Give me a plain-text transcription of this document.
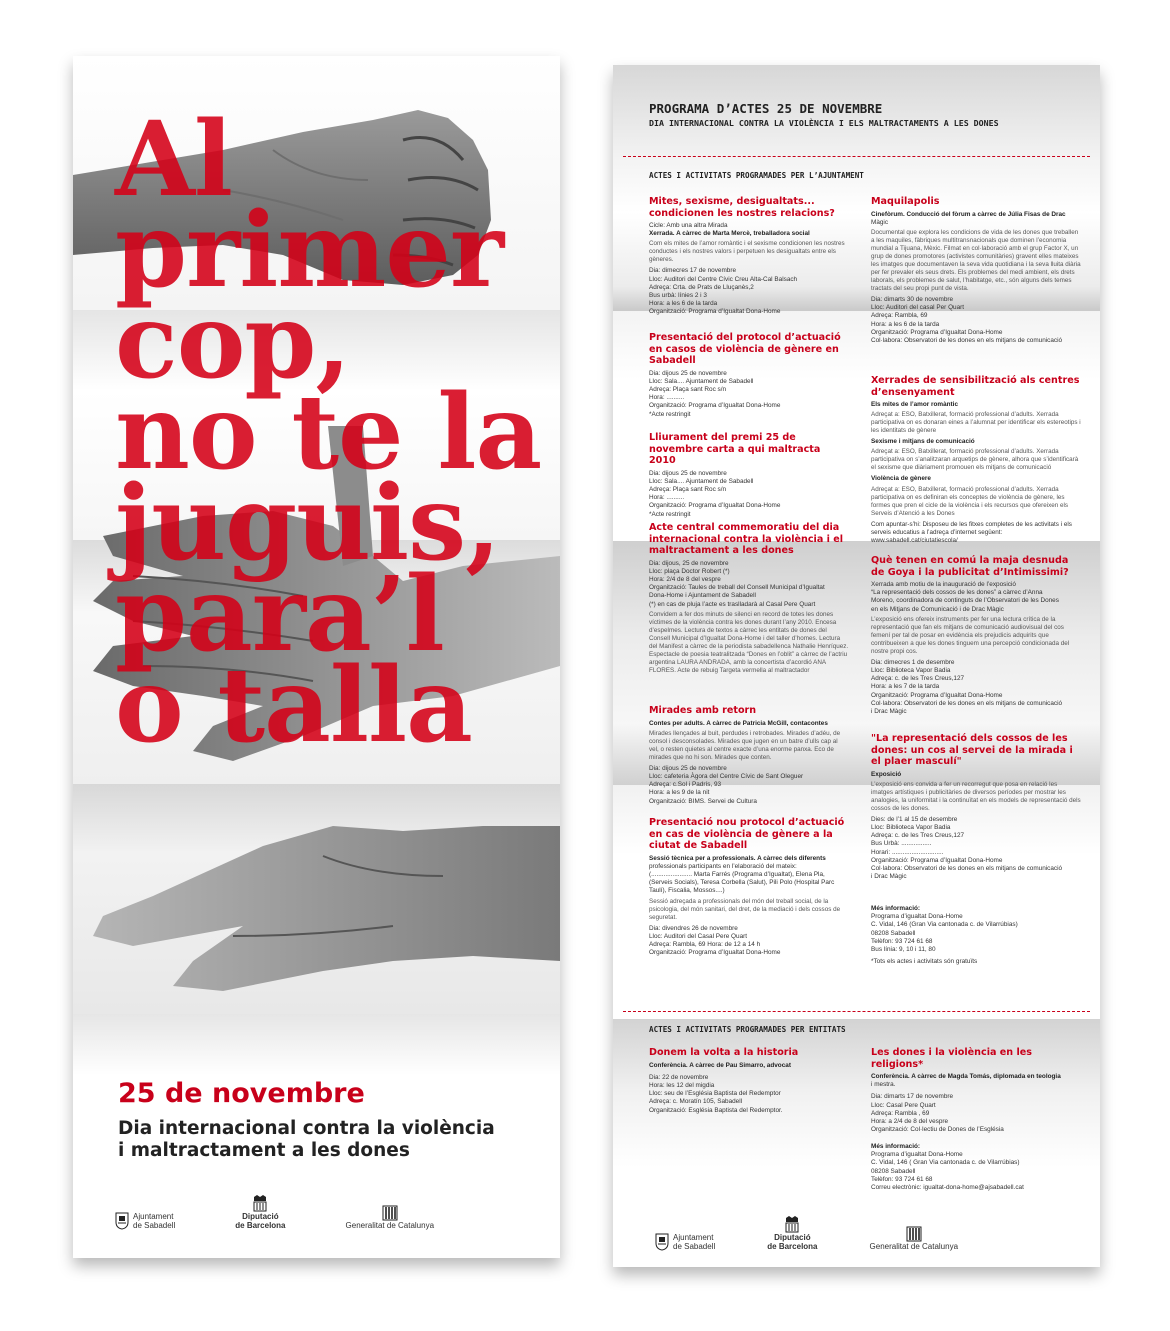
Al
primer
cop,
no te la
juguis,
para’l
o talla
25 de novembre
Dia internacional contra la violència
i maltractament a les dones
Ajuntament
de Sabadell
Diputació
de Barcelona	Generalitat de Catalunya
PROGRAMA D’ACTES 25 DE NOVEMBRE
DIA INTERNACIONAL CONTRA LA VIOLÈNCIA I ELS MALTRACTAMENTS A LES DONES
ACTES I ACTIVITATS PROGRAMADES PER L’AJUNTAMENT
Mites, sexisme, desigualtats... condicionen les nostres relacions?
Cicle: Amb una altra Mirada
Xerrada. A càrrec de Marta Mercè, treballadora social
Com els mites de l’amor romàntic i el sexisme condicionen les nostres conductes i els nostres valors i perpetuen les desigualtats entre els gèneres.
Dia: dimecres 17 de novembre
Lloc: Auditori del Centre Cívic Creu Alta-Cal Balsach
Adreça: Crta. de Prats de Lluçanès,2
Bus urbà: línies 2 i 3
Hora: a les 6 de la tarda
Organització: Programa d’Igualtat Dona-Home
Presentació del protocol d’actuació en casos de violència de gènere en Sabadell
Dia: dijous 25 de novembre
Lloc: Sala.... Ajuntament de Sabadell
Adreça: Plaça sant Roc s/n
Hora: ..........
Organització: Programa d’Igualtat Dona-Home
*Acte restringit
Lliurament del premi 25 de novembre carta a qui maltracta 2010
Dia: dijous 25 de novembre
Lloc: Sala.... Ajuntament de Sabadell
Adreça: Plaça sant Roc s/n
Hora: ..........
Organització: Programa d’Igualtat Dona-Home
*Acte restringit
Acte central commemoratiu del dia internacional contra la violència i el maltractament a les dones
Dia: dijous, 25 de novembre
Lloc: plaça Doctor Robert (*)
Hora: 2/4 de 8 del vespre
Organització: Taules de treball del Consell Municipal d’Igualtat
Dona-Home i Ajuntament de Sabadell
(*) en cas de pluja l’acte es traslladarà al Casal Pere Quart
Convidem a fer dos minuts de silenci en record de totes les dones víctimes de la violència contra les dones durant l’any 2010. Encesa d’espelmes. Lectura de textos a càrrec les entitats de dones del Consell Municipal d’Igualtat Dona-Home i del taller d’homes. Lectura del Manifest a càrrec de la periodista sabadellenca Nathalie Henríquez. Espectacle de poesia teatralitzada “Dones en l’oblit” a càrrec de l’actriu argentina LAURA ANDRADA, amb la concertista d’acordió ANA FLORES. Acte de rebuig Targeta vermella al maltractador
Mirades amb retorn
Contes per adults. A càrrec de Patricia McGill, contacontes
Mirades llençades al buit, perdudes i retrobades. Mirades d’adéu, de consol i desconsolades. Mirades que jugen en un batre d’ulls cap al vel, o resten quietes al centre exacte d’una enorme panxa. Eco de mirades que no hi son. Mirades que conten.
Dia: dijous 25 de novembre
Lloc: cafeteria Àgora del Centre Cívic de Sant Oleguer
Adreça: c.Sol i Padrís, 93
Hora: a les 9 de la nit
Organització: BIMS. Servei de Cultura
Presentació nou protocol d’actuació en cas de violència de gènere a la ciutat de Sabadell
Sessió tècnica per a professionals. A càrrec dels diferents
professionals participants en l’elaboració del mateix:
(....................... Marta Farrés (Programa d’Igualtat), Elena Pla,
(Serveis Socials), Teresa Corbella (Salut), Pili Polo (Hospital Parc
Taulí), Fiscalia, Mossos....)
Sessió adreçada a professionals del món del treball social, de la psicologia, del món sanitari, del dret, de la mediació i dels cossos de seguretat.
Dia: divendres 26 de novembre
Lloc: Auditori del Casal Pere Quart
Adreça: Rambla, 69 Hora: de 12 a 14 h
Organització: Programa d’Igualtat Dona-Home
Maquilapolis
Cinefòrum. Conducció del fòrum a càrrec de Júlia Fisas de Drac
Màgic
Documental que explora les condicions de vida de les dones que treballen a les maquiles, fàbriques multitransnacionals que dominen l’economia mundial a Tijuana, Mèxic. Filmat en col·laboració amb el grup Factor X, un grup de dones promotores (activistes comunitàries) gravent elles mateixes les imatges que documentaven la seva vida quotidiana i la seva lluita diària per fer prevaler els seus drets. Els problemes del medi ambient, els drets laborals, els problemes de salut, l’habitatge, etc., són alguns dels temes tractats del seu propi punt de vista.
Dia: dimarts 30 de novembre
Lloc: Auditori del casal Per Quart
Adreça: Rambla, 69
Hora: a les 6 de la tarda
Organització: Programa d’Igualtat Dona-Home
Col·labora: Observatori de les dones en els mitjans de comunicació
Xerrades de sensibilització als centres d’ensenyament
Els mites de l’amor romàntic
Adreçat a: ESO, Batxillerat, formació professional d’adults. Xerrada participativa on es donaran eines a l’alumnat per identificar els estereotips i les identitats de gènere
Sexisme i mitjans de comunicació
Adreçat a: ESO, Batxillerat, formació professional d’adults. Xerrada participativa on s’analitzaran arquetips de gènere, alhora que s’identificarà el sexisme que diàriament promouen els mitjans de comunicació
Violència de gènere
Adreçat a: ESO, Batxillerat, formació professional d’adults. Xerrada participativa on es definiran els conceptes de violència de gènere, les formes que pren el cicle de la violència i els recursos que ofereixen els Serveis d’Atenció a les Dones
Com apuntar-s’hi: Disposeu de les fitxes completes de les activitats i els serveis educatius a l’adreça d’internet següent: www.sabadell.cat/ciutatiescola/
Què tenen en comú la maja desnuda de Goya i la publicitat d’Intimissimi?
Xerrada amb motiu de la inauguració de l’exposició
“La representació dels cossos de les dones” a càrrec d’Anna
Moreno, coordinadora de continguts de l’Observatori de les Dones
en els Mitjans de Comunicació i de Drac Màgic
L’exposició ens ofereix instruments per fer una lectura crítica de la representació que fan els mitjans de comunicació audiovisual del cos femení per tal de posar en evidència els prejudicis adquirits que contribueixen a que les dones tinguem una percepció condicionada del nostre propi cos.
Dia: dimecres 1 de desembre
Lloc: Biblioteca Vapor Badia
Adreça: c. de les Tres Creus,127
Hora: a les 7 de la tarda
Organització: Programa d’Igualtat Dona-Home
Col·labora: Observatori de les dones en els mitjans de comunicació
i Drac Màgic
"La representació dels cossos de les dones: un cos al servei de la mirada i el plaer masculí"
Exposició
L’exposició ens convida a fer un recorregut que posa en relació les imatges artístiques i publicitàries de diversos períodes per mostrar les analogies, la uniformitat i la continuïtat en els models de representació dels cossos de les dones.
Dies: de l’1 al 15 de desembre
Lloc: Biblioteca Vapor Badia
Adreça: c. de les Tres Creus,127
Bus Urbà: .................
Horari: .............................
Organització: Programa d’Igualtat Dona-Home
Col·labora: Observatori de les dones en els mitjans de comunicació
i Drac Màgic
Més informació:
Programa d’igualtat Dona-Home
C. Vidal, 146 (Gran Via cantonada c. de Vilarrúbias)
08208 Sabadell
Telèfon: 93 724 61 68
Bus línia: 9, 10 i 11, 80
*Tots els actes i activitats són gratuïts
ACTES I ACTIVITATS PROGRAMADES PER ENTITATS
Donem la volta a la historia
Conferència. A càrrec de Pau Simarro, advocat
Dia: 22 de novembre
Hora: les 12 del migdia
Lloc: seu de l’Església Baptista del Redemptor
Adreça: c. Moratín 105, Sabadell
Organització: Església Baptista del Redemptor.
Les dones i la violència en les religions*
Conferència. A càrrec de Magda Tomás, diplomada en teologia
i mestra.
Dia: dimarts 17 de novembre
Lloc: Casal Pere Quart
Adreça: Rambla , 69
Hora: a 2/4 de 8 del vespre
Organització: Col·lectiu de Dones de l’Església
Més informació:
Programa d’igualtat Dona-Home
C. Vidal, 146 ( Gran Via cantonada c. de Vilarrúbias)
08208 Sabadell
Telèfon: 93 724 61 68
Correu electrònic: igualtat-dona-home@ajsabadell.cat
Ajuntament
de Sabadell
Diputació
de Barcelona	Generalitat de Catalunya
